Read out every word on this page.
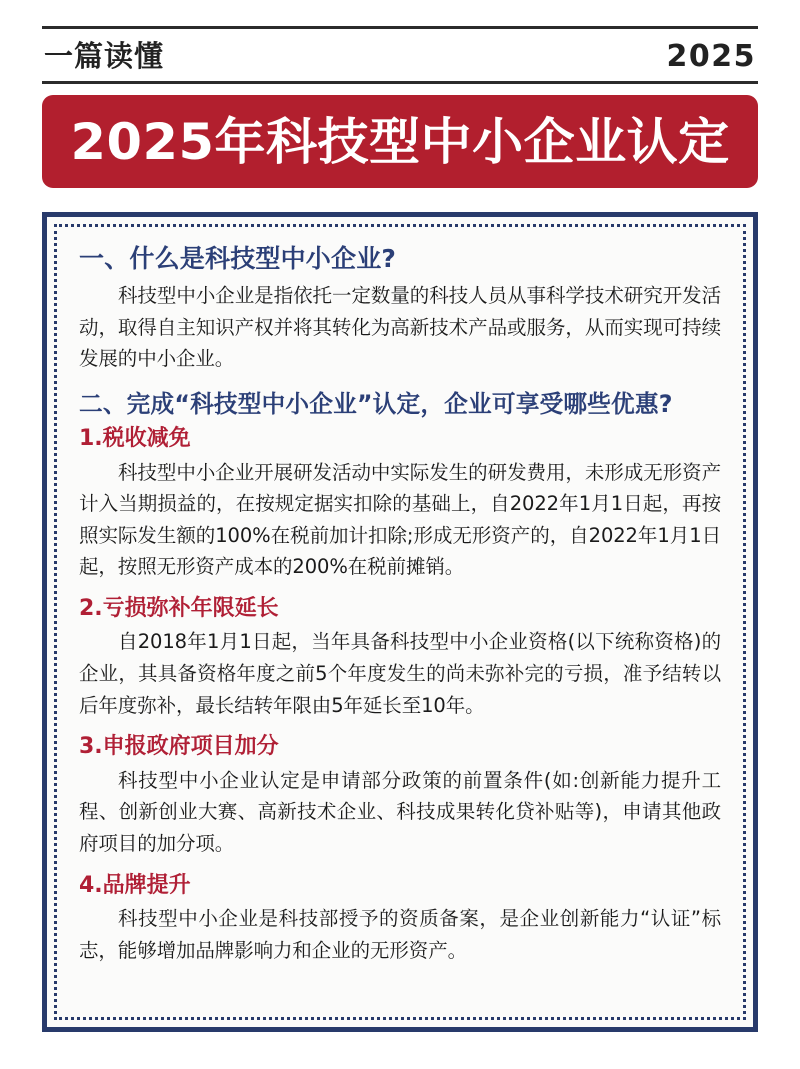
一篇读懂	2025
2025年科技型中小企业认定
一、什么是科技型中小企业?

科技型中小企业是指依托一定数量的科技人员从事科学技术研究开发活动，取得自主知识产权并将其转化为高新技术产品或服务，从而实现可持续发展的中小企业。

二、完成“科技型中小企业”认定，企业可享受哪些优惠?
1.税收减免

科技型中小企业开展研发活动中实际发生的研发费用，未形成无形资产计入当期损益的，在按规定据实扣除的基础上，自2022年1月1日起，再按照实际发生额的100%在税前加计扣除;形成无形资产的，自2022年1月1日起，按照无形资产成本的200%在税前摊销。

2.亏损弥补年限延长

自2018年1月1日起，当年具备科技型中小企业资格(以下统称资格)的企业，其具备资格年度之前5个年度发生的尚未弥补完的亏损，准予结转以后年度弥补，最长结转年限由5年延长至10年。

3.申报政府项目加分

科技型中小企业认定是申请部分政策的前置条件(如:创新能力提升工程、创新创业大赛、高新技术企业、科技成果转化贷补贴等)，申请其他政府项目的加分项。

4.品牌提升

科技型中小企业是科技部授予的资质备案，是企业创新能力“认证”标志，能够增加品牌影响力和企业的无形资产。
